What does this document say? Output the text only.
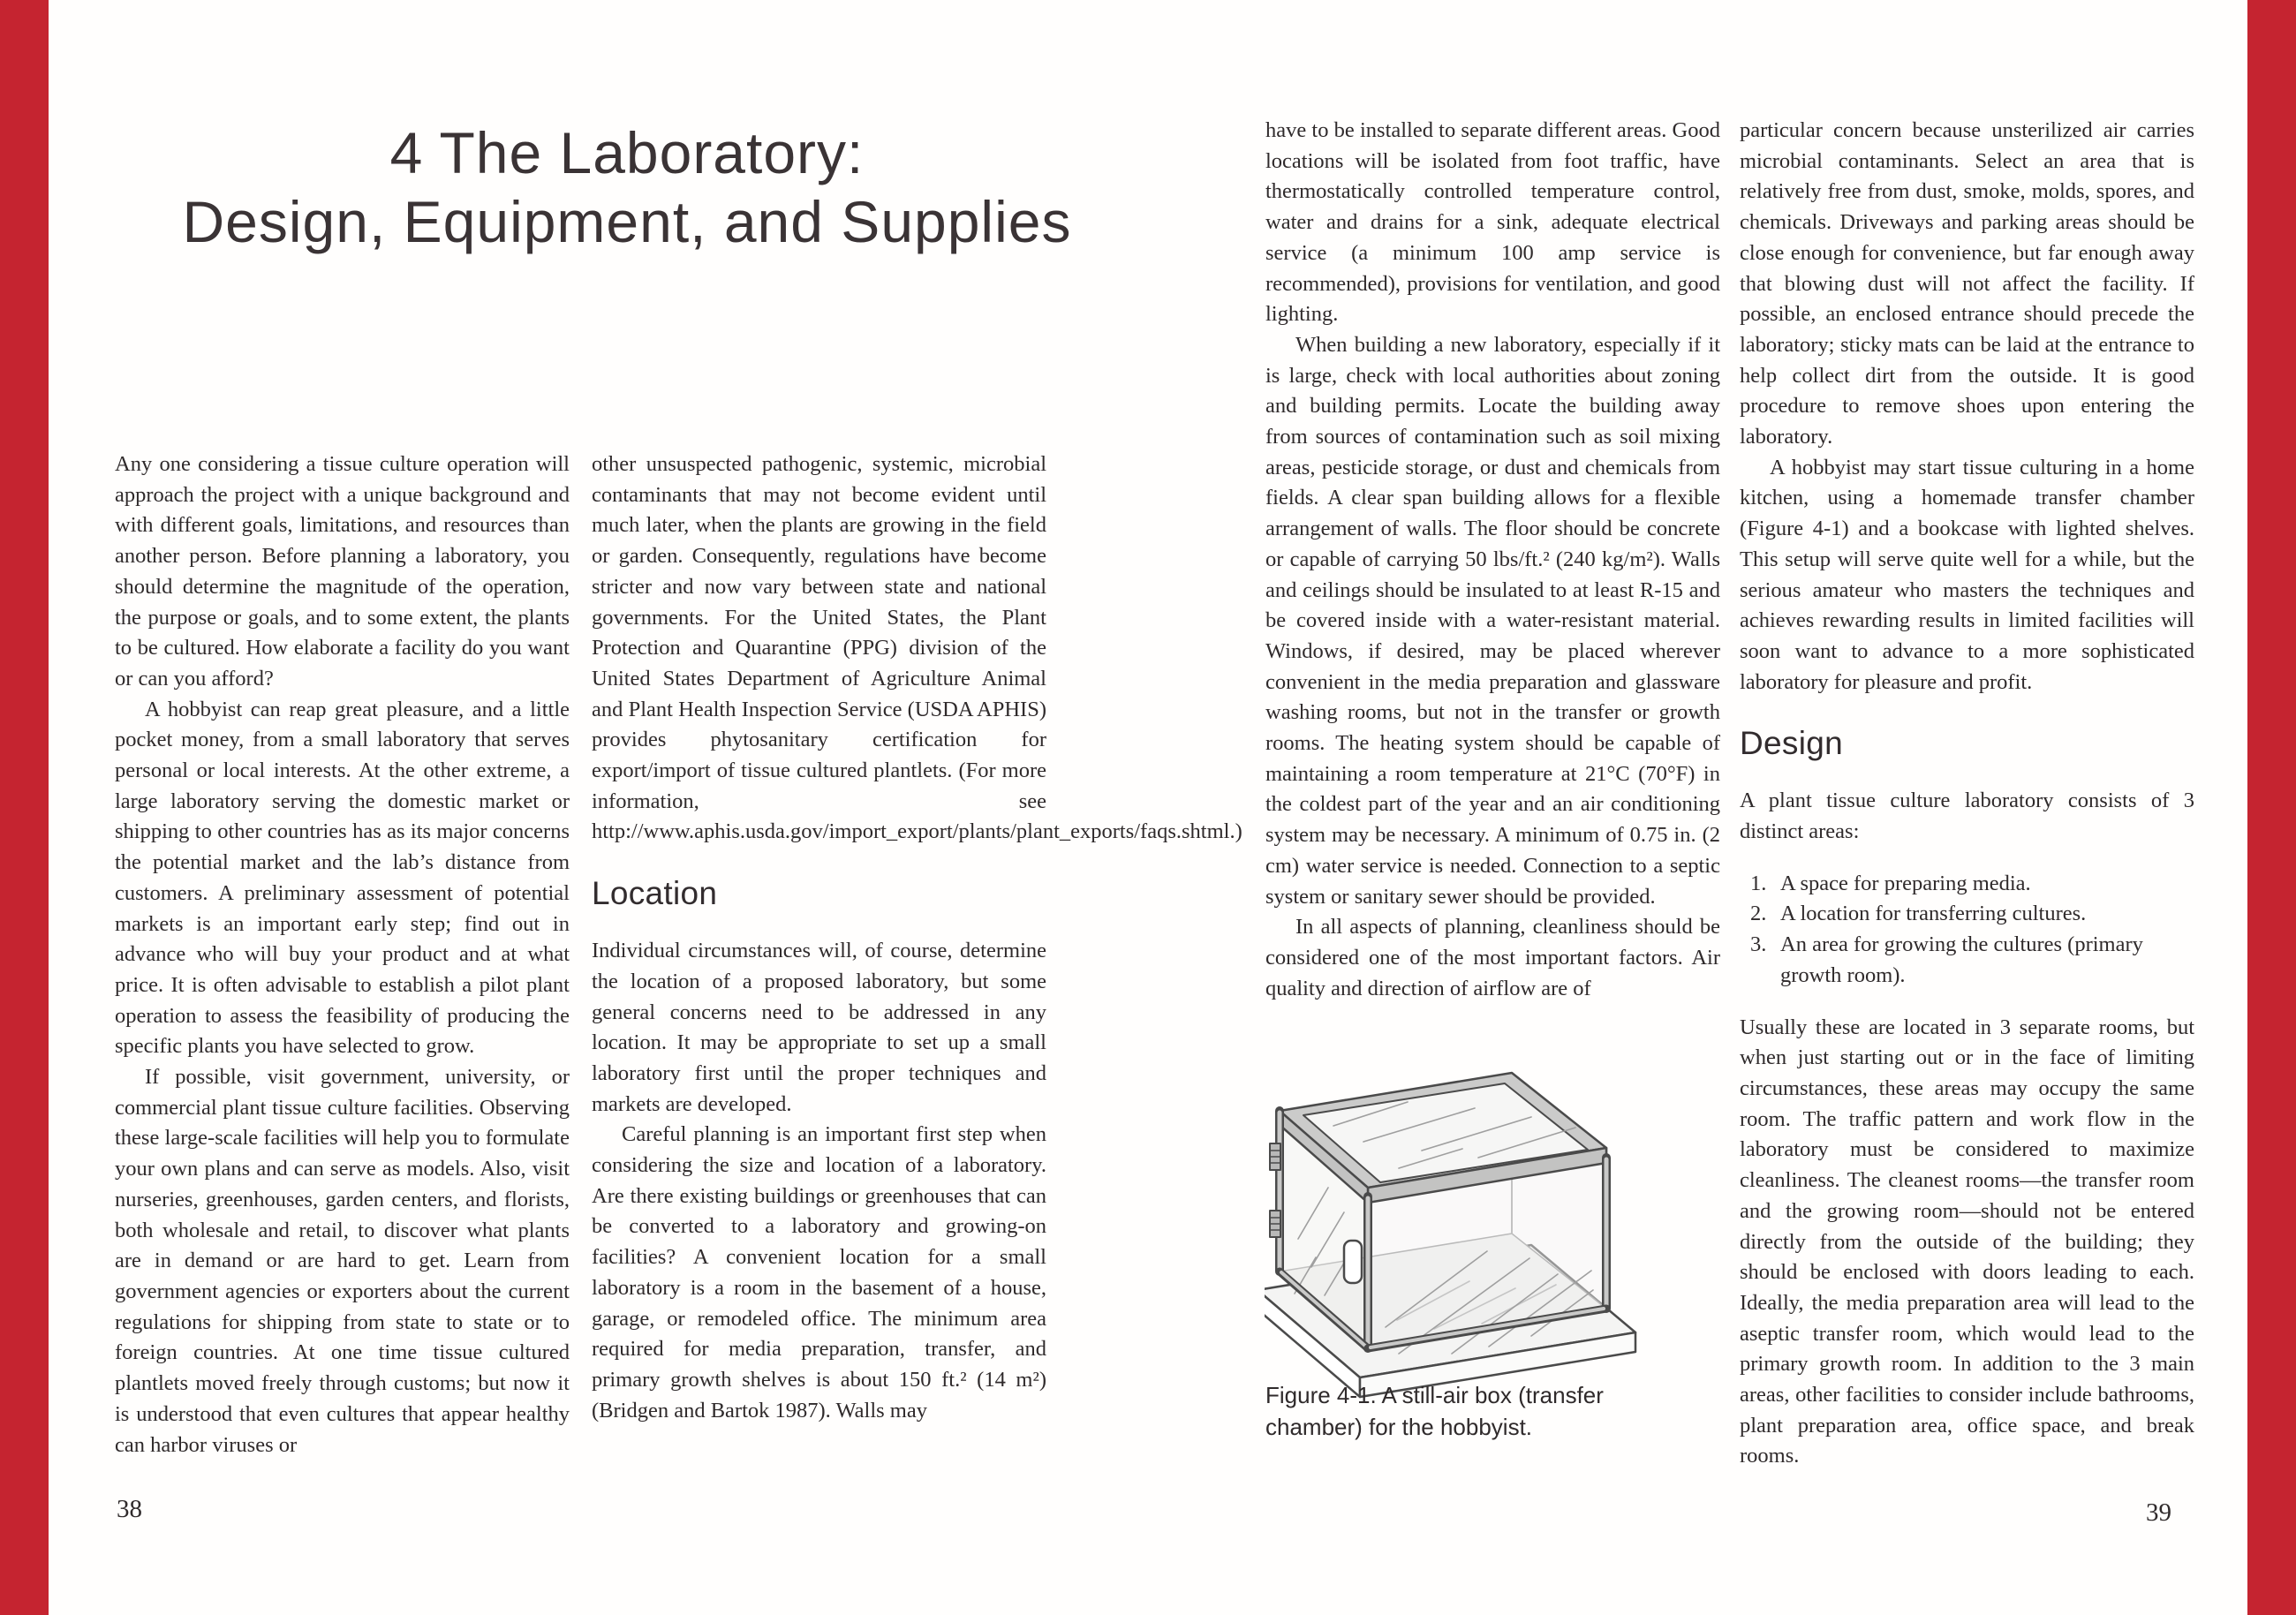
4 The Laboratory:
Design, Equipment, and Supplies

Any one considering a tissue culture operation will approach the project with a unique background and with different goals, limitations, and resources than another person. Before planning a laboratory, you should determine the magnitude of the operation, the purpose or goals, and to some extent, the plants to be cultured. How elaborate a facility do you want or can you afford?

A hobbyist can reap great pleasure, and a little pocket money, from a small laboratory that serves personal or local interests. At the other extreme, a large laboratory serving the domestic market or shipping to other countries has as its major concerns the potential market and the lab’s distance from customers. A preliminary assessment of potential markets is an important early step; find out in advance who will buy your product and at what price. It is often advisable to establish a pilot plant operation to assess the feasibility of producing the specific plants you have selected to grow.

If possible, visit government, university, or commercial plant tissue culture facilities. Observing these large-scale facilities will help you to formulate your own plans and can serve as models. Also, visit nurseries, greenhouses, garden centers, and florists, both wholesale and retail, to discover what plants are in demand or are hard to get. Learn from government agencies or exporters about the current regulations for shipping from state to state or to foreign countries. At one time tissue cultured plantlets moved freely through customs; but now it is understood that even cultures that appear healthy can harbor viruses or

other unsuspected pathogenic, systemic, microbial contaminants that may not become evident until much later, when the plants are growing in the field or garden. Consequently, regulations have become stricter and now vary between state and national governments. For the United States, the Plant Protection and Quarantine (PPG) division of the United States Department of Agriculture Animal and Plant Health Inspection Service (USDA APHIS) provides phytosanitary certification for export/import of tissue cultured plantlets. (For more information, see http://www.aphis.usda.gov/import_export/plants/plant_exports/faqs.shtml.)

Location

Individual circumstances will, of course, determine the location of a proposed laboratory, but some general concerns need to be addressed in any location. It may be appropriate to set up a small laboratory first until the proper techniques and markets are developed.

Careful planning is an important first step when considering the size and location of a laboratory. Are there existing buildings or greenhouses that can be converted to a laboratory and growing-on facilities? A convenient location for a small laboratory is a room in the basement of a house, garage, or remodeled office. The minimum area required for media preparation, transfer, and primary growth shelves is about 150 ft.² (14 m²) (Bridgen and Bartok 1987). Walls may

have to be installed to separate different areas. Good locations will be isolated from foot traffic, have thermostatically controlled temperature control, water and drains for a sink, adequate electrical service (a minimum 100 amp service is recommended), provisions for ventilation, and good lighting.

When building a new laboratory, especially if it is large, check with local authorities about zoning and building permits. Locate the building away from sources of contamination such as soil mixing areas, pesticide storage, or dust and chemicals from fields. A clear span building allows for a flexible arrangement of walls. The floor should be concrete or capable of carrying 50 lbs/ft.² (240 kg/m²). Walls and ceilings should be insulated to at least R-15 and be covered inside with a water-resistant material. Windows, if desired, may be placed wherever convenient in the media preparation and glassware washing rooms, but not in the transfer or growth rooms. The heating system should be capable of maintaining a room temperature at 21°C (70°F) in the coldest part of the year and an air conditioning system may be necessary. A minimum of 0.75 in. (2 cm) water service is needed. Connection to a septic system or sanitary sewer should be provided.

In all aspects of planning, cleanliness should be considered one of the most important factors. Air quality and direction of airflow are of

Figure 4-1. A still-air box (transfer chamber) for the hobbyist.

particular concern because unsterilized air carries microbial contaminants. Select an area that is relatively free from dust, smoke, molds, spores, and chemicals. Driveways and parking areas should be close enough for convenience, but far enough away that blowing dust will not affect the facility. If possible, an enclosed entrance should precede the laboratory; sticky mats can be laid at the entrance to help collect dirt from the outside. It is good procedure to remove shoes upon entering the laboratory.

A hobbyist may start tissue culturing in a home kitchen, using a homemade transfer chamber (Figure 4-1) and a bookcase with lighted shelves. This setup will serve quite well for a while, but the serious amateur who masters the techniques and achieves rewarding results in limited facilities will soon want to advance to a more sophisticated laboratory for pleasure and profit.

Design

A plant tissue culture laboratory consists of 3 distinct areas:

1. A space for preparing media.
2. A location for transferring cultures.
3. An area for growing the cultures (primary growth room).

Usually these are located in 3 separate rooms, but when just starting out or in the face of limiting circumstances, these areas may occupy the same room. The traffic pattern and work flow in the laboratory must be considered to maximize cleanliness. The cleanest rooms—the transfer room and the growing room—should not be entered directly from the outside of the building; they should be enclosed with doors leading to each. Ideally, the media preparation area will lead to the aseptic transfer room, which would lead to the primary growth room. In addition to the 3 main areas, other facilities to consider include bathrooms, plant preparation area, office space, and break rooms.

38	39
